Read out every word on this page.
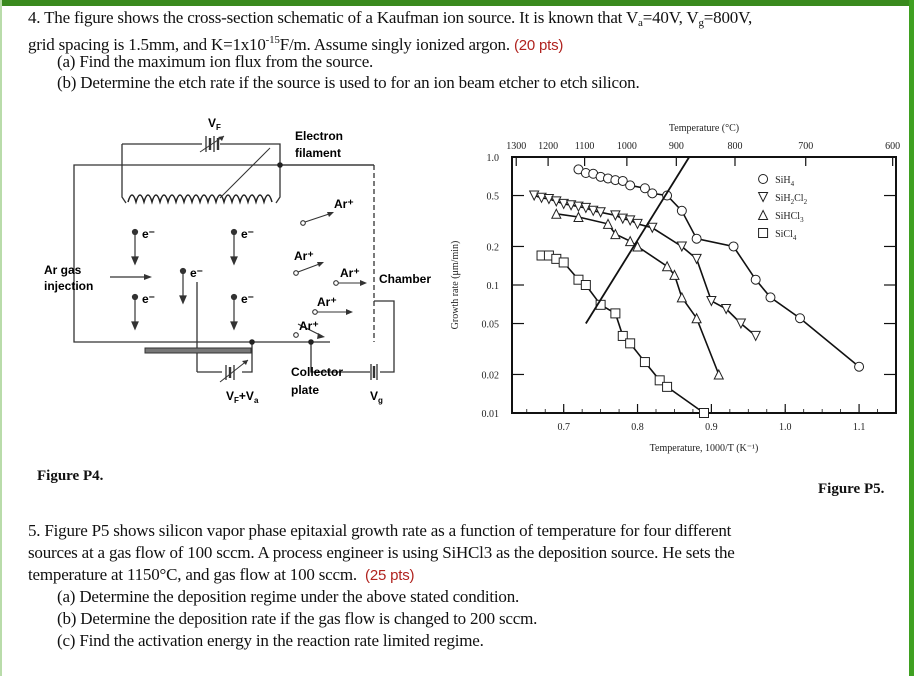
4. The figure shows the cross-section schematic of a Kaufman ion source. It is known that $V_a=40V$, $V_g=800V$,
grid spacing is 1.5mm, and $K=1x10^{-15}F/m$. Assume singly ionized argon. (20 pts)
(a) Find the maximum ion flux from the source.
(b) Determine the etch rate if the source is used to for an ion beam etcher to etch silicon.
$V_F$
Electron
filament
Ar gas
injection
e⁻	e⁻
e⁻
e⁻	e⁻
Ar⁺
Ar⁺
Ar⁺
Ar⁺
Ar⁺
Chamber
Collector
plate
$V_F+V_a$	$V_g$
Figure P4.
0.7	0.8	0.9	1.0	1.1
1.0
0.5
0.2
0.1
0.05
0.02
0.01
1300 1200 1100 1000	900	800	700	600
Temperature (°C)
Temperature, 1000/T (K⁻¹)
Growth rate (μm/min)
SiH$_4$
$SiH_2Cl_2$
SiHCl$_3$
SiCl$_4$
Figure P5.
5. Figure P5 shows silicon vapor phase epitaxial growth rate as a function of temperature for four different
sources at a gas flow of 100 sccm. A process engineer is using SiHCl3 as the deposition source. He sets the
temperature at 1150°C, and gas flow at 100 sccm. (25 pts)
(a) Determine the deposition regime under the above stated condition.
(b) Determine the deposition rate if the gas flow is changed to 200 sccm.
(c) Find the activation energy in the reaction rate limited regime.
